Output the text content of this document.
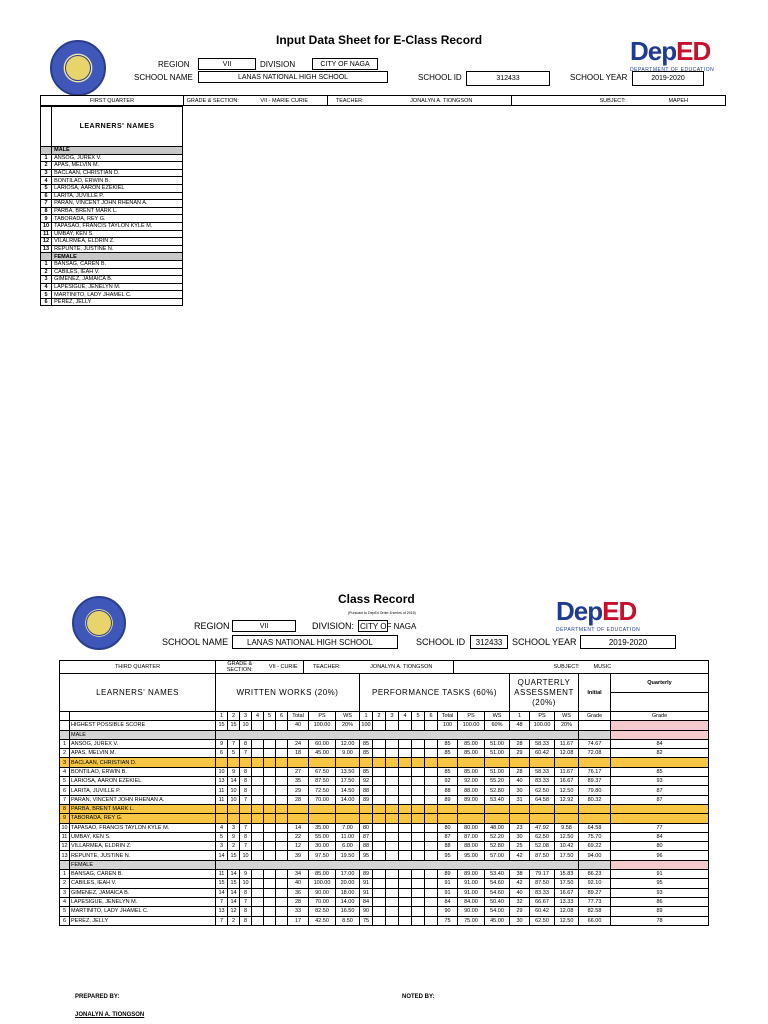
Input Data Sheet for E-Class Record	DepED
DEPARTMENT OF EDUCATION
REGION	VII	DIVISION	CITY OF NAGA
SCHOOL NAME	LANAS NATIONAL HIGH SCHOOL	SCHOOL ID	312433	SCHOOL YEAR	2019-2020
FIRST QUARTER	GRADE & SECTION:	VII - MARIE CURIE	TEACHER:	JONALYN A. TIONGSON	SUBJECT:	MAPEH
	LEARNERS' NAMES
	MALE
1	ANSOG, JUREX V.
2	APAS, MELVIN M.
3	BACLAAN, CHRISTIAN D.
4	BONTILAO, ERWIN B.
5	LARIOSA, AARON EZEKIEL
6	LARITA, JUVILLE P.
7	PARAN, VINCENT JOHN RHENAN A.
8	PARBA, BRENT MARK L.
9	TABORADA, REY G.
10	TAPASAO, FRANCIS TAYLON KYLE M.
11	UMBAY, KEN S.
12	VILALRMEA, ELDRIN Z.
13	REPUNTE, JUSTINE N.
	FEMALE
1	BANSAG, CAREN B.
2	CABILES, IEAH V.
3	GIMENEZ, JAMAICA B.
4	LAPESIGUE, JENELYN M.
5	MARTINITO, LADY JHAMEL C.
6	PEREZ, JELLY
Class Record
(Pursuant to DepEd Order 8 series of 2015)	DepED
DEPARTMENT OF EDUCATION
REGION	VII	DIVISION: CITY OF NAGA
SCHOOL NAME	LANAS NATIONAL HIGH SCHOOL	SCHOOL ID	312433	SCHOOL YEAR	2019-2020
THIRD QUARTER	GRADE & SECTION:	VII - CURIE	TEACHER:	JONALYN A. TIONGSON	SUBJECT:	MUSIC
LEARNERS' NAMES		WRITTEN WORKS (20%)									PERFORMANCE TASKS (60%)									QUARTERLY ASSESSMENT (20%)			Initial	Quarterly

		1	2	3	4	5	6	Total	PS	WS	1	2	3	4	5	6	Total	PS	WS	1	PS	WS	Grade	Grade
	HIGHEST POSSIBLE SCORE	15	15	10				40	100.00	20%	100						100	100.00	60%	48	100.00	20%		
	MALE																							
1	ANSOG, JUREX V.	9	7	8				24	60.00	12.00	85						85	85.00	51.00	28	58.33	11.67	74.67	84
2	APAS, MELVIN M.	6	5	7				18	45.00	9.00	85						85	85.00	51.00	29	60.42	12.08	72.08	82
3	BACLAAN, CHRISTIAN D.																							
4	BONTILAO, ERWIN B.	10	9	8				27	67.50	13.50	85						85	85.00	51.00	28	58.33	11.67	76.17	85
5	LARIOSA, AARON EZEKIEL	13	14	8				35	87.50	17.50	92						92	92.00	55.20	40	83.33	16.67	89.37	93
6	LARITA, JUVILLE P.	11	10	8				29	72.50	14.50	88						88	88.00	52.80	30	62.50	12.50	79.80	87
7	PARAN, VINCENT JOHN RHENAN A.	11	10	7				28	70.00	14.00	89						89	89.00	53.40	31	64.58	12.92	80.32	87
8	PARBA, BRENT MARK L.																							
9	TABORADA, REY G.																							
10	TAPASAO, FRANCIS TAYLON KYLE M.	4	3	7				14	35.00	7.00	80						80	80.00	48.00	23	47.92	9.58	64.58	77
11	UMBAY, KEN S.	5	9	8				22	55.00	11.00	87						87	87.00	52.20	30	62.50	12.50	75.70	84
12	VILLARMEA, ELDRIN Z.	3	2	7				12	30.00	6.00	88						88	88.00	52.80	25	52.08	10.42	69.22	80
13	REPUNTE, JUSTINE N.	14	15	10				39	97.50	19.50	95						95	95.00	57.00	42	87.50	17.50	94.00	96
	FEMALE																							
1	BANSAG, CAREN B.	11	14	9				34	85.00	17.00	89						89	89.00	53.40	38	79.17	15.83	86.23	91
2	CABILES, IEAH V.	15	15	10				40	100.00	20.00	91						91	91.00	54.60	42	87.50	17.50	92.10	95
3	GIMENEZ, JAMAICA B.	14	14	8				36	90.00	18.00	91						91	91.00	54.60	40	83.33	16.67	89.27	93
4	LAPESIGUE, JENELYN M.	7	14	7				28	70.00	14.00	84						84	84.00	50.40	32	66.67	13.33	77.73	86
5	MARTINITO, LADY JHAMEL C.	13	12	8				33	82.50	16.50	90						90	90.00	54.00	29	60.42	12.08	82.58	89
6	PEREZ, JELLY	7	2	8				17	42.50	8.50	75						75	75.00	45.00	30	62.50	12.50	66.00	78
PREPARED BY:	NOTED BY:
JONALYN A. TIONGSON
